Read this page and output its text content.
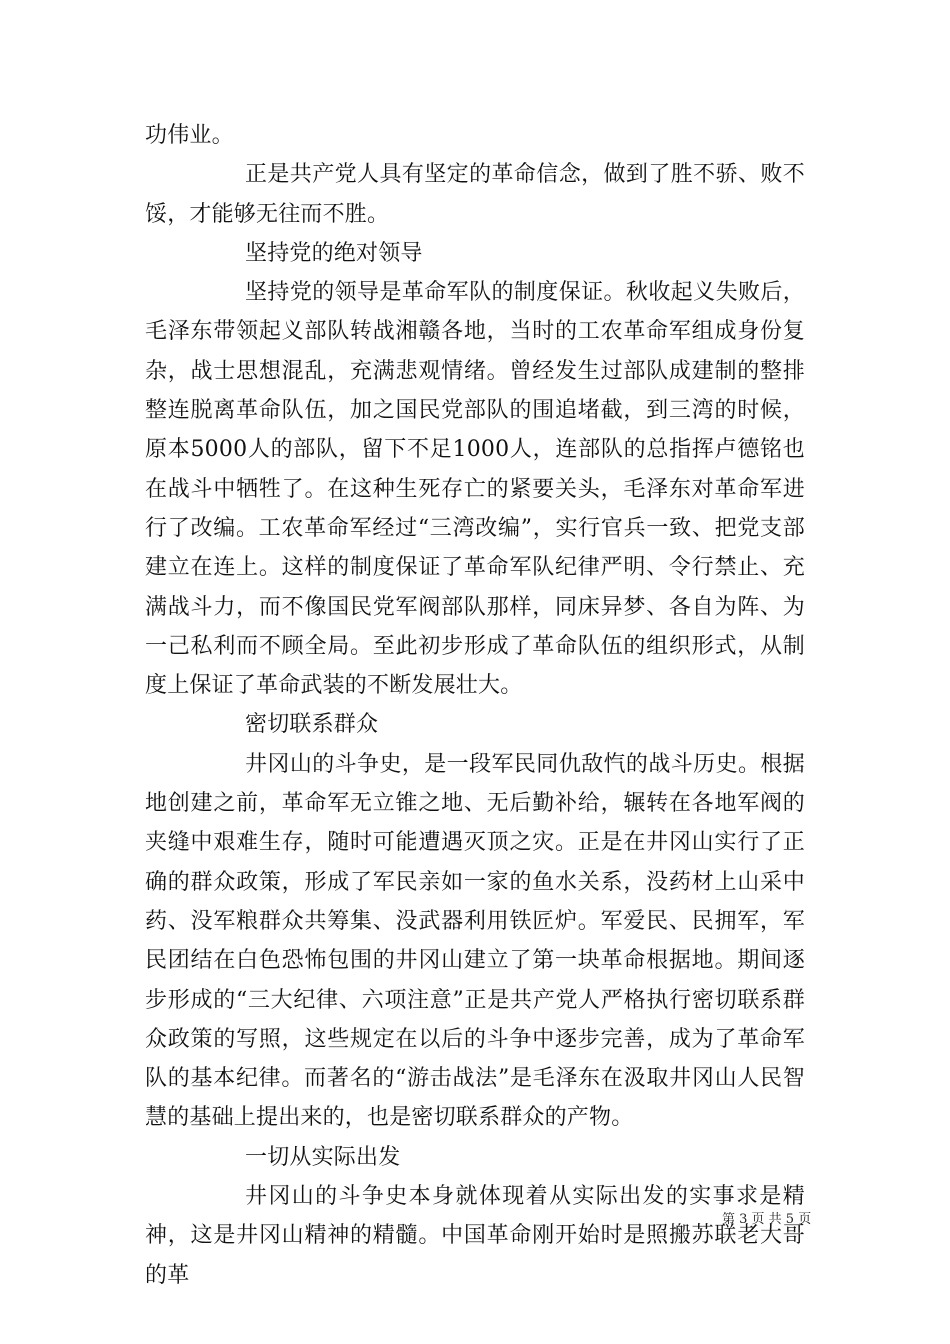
功伟业。

正是共产党人具有坚定的革命信念，做到了胜不骄、败不馁，才能够无往而不胜。

坚持党的绝对领导

坚持党的领导是革命军队的制度保证。秋收起义失败后，毛泽东带领起义部队转战湘赣各地，当时的工农革命军组成身份复杂，战士思想混乱，充满悲观情绪。曾经发生过部队成建制的整排整连脱离革命队伍，加之国民党部队的围追堵截，到三湾的时候，原本5000人的部队，留下不足1000人，连部队的总指挥卢德铭也在战斗中牺牲了。在这种生死存亡的紧要关头，毛泽东对革命军进行了改编。工农革命军经过“三湾改编”，实行官兵一致、把党支部建立在连上。这样的制度保证了革命军队纪律严明、令行禁止、充满战斗力，而不像国民党军阀部队那样，同床异梦、各自为阵、为一己私利而不顾全局。至此初步形成了革命队伍的组织形式，从制度上保证了革命武装的不断发展壮大。

密切联系群众

井冈山的斗争史，是一段军民同仇敌忾的战斗历史。根据地创建之前，革命军无立锥之地、无后勤补给，辗转在各地军阀的夹缝中艰难生存，随时可能遭遇灭顶之灾。正是在井冈山实行了正确的群众政策，形成了军民亲如一家的鱼水关系，没药材上山采中药、没军粮群众共筹集、没武器利用铁匠炉。军爱民、民拥军，军民团结在白色恐怖包围的井冈山建立了第一块革命根据地。期间逐步形成的“三大纪律、六项注意”正是共产党人严格执行密切联系群众政策的写照，这些规定在以后的斗争中逐步完善，成为了革命军队的基本纪律。而著名的“游击战法”是毛泽东在汲取井冈山人民智慧的基础上提出来的，也是密切联系群众的产物。

一切从实际出发

井冈山的斗争史本身就体现着从实际出发的实事求是精神，这是井冈山精神的精髓。中国革命刚开始时是照搬苏联老大哥的革

第 3 页 共 5 页
